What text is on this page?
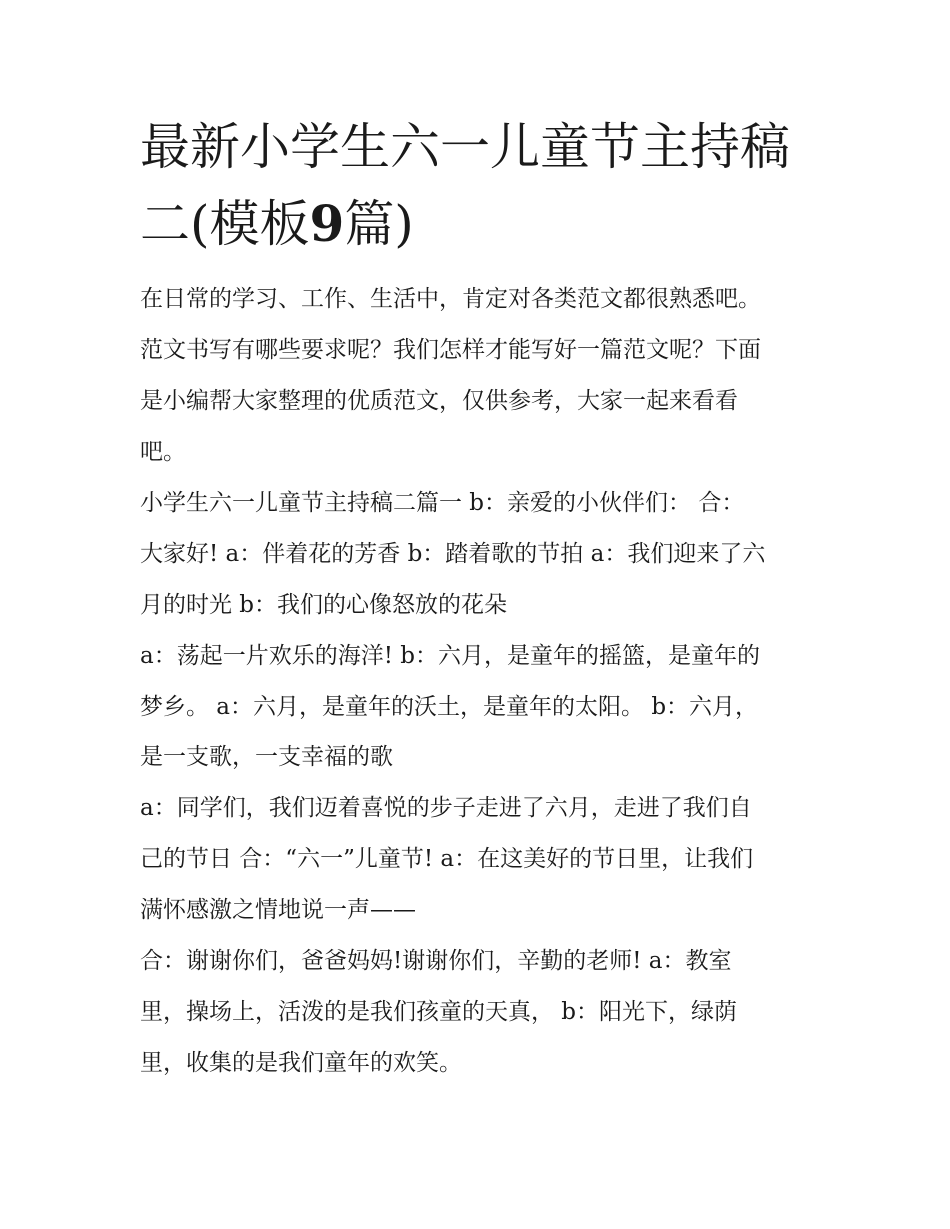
最新小学生六一儿童节主持稿
二(模板9篇)
在日常的学习、工作、生活中，肯定对各类范文都很熟悉吧。
范文书写有哪些要求呢？我们怎样才能写好一篇范文呢？下面
是小编帮大家整理的优质范文，仅供参考，大家一起来看看
吧。
小学生六一儿童节主持稿二篇一 b：亲爱的小伙伴们： 合：
大家好! a：伴着花的芳香 b：踏着歌的节拍 a：我们迎来了六
月的时光 b：我们的心像怒放的花朵
a：荡起一片欢乐的海洋! b：六月，是童年的摇篮，是童年的
梦乡。 a：六月，是童年的沃土，是童年的太阳。 b：六月，
是一支歌，一支幸福的歌
a：同学们，我们迈着喜悦的步子走进了六月，走进了我们自
己的节日 合：“六一”儿童节! a：在这美好的节日里，让我们
满怀感激之情地说一声——
合：谢谢你们，爸爸妈妈!谢谢你们，辛勤的老师! a：教室
里，操场上，活泼的是我们孩童的天真， b：阳光下，绿荫
里，收集的是我们童年的欢笑。
